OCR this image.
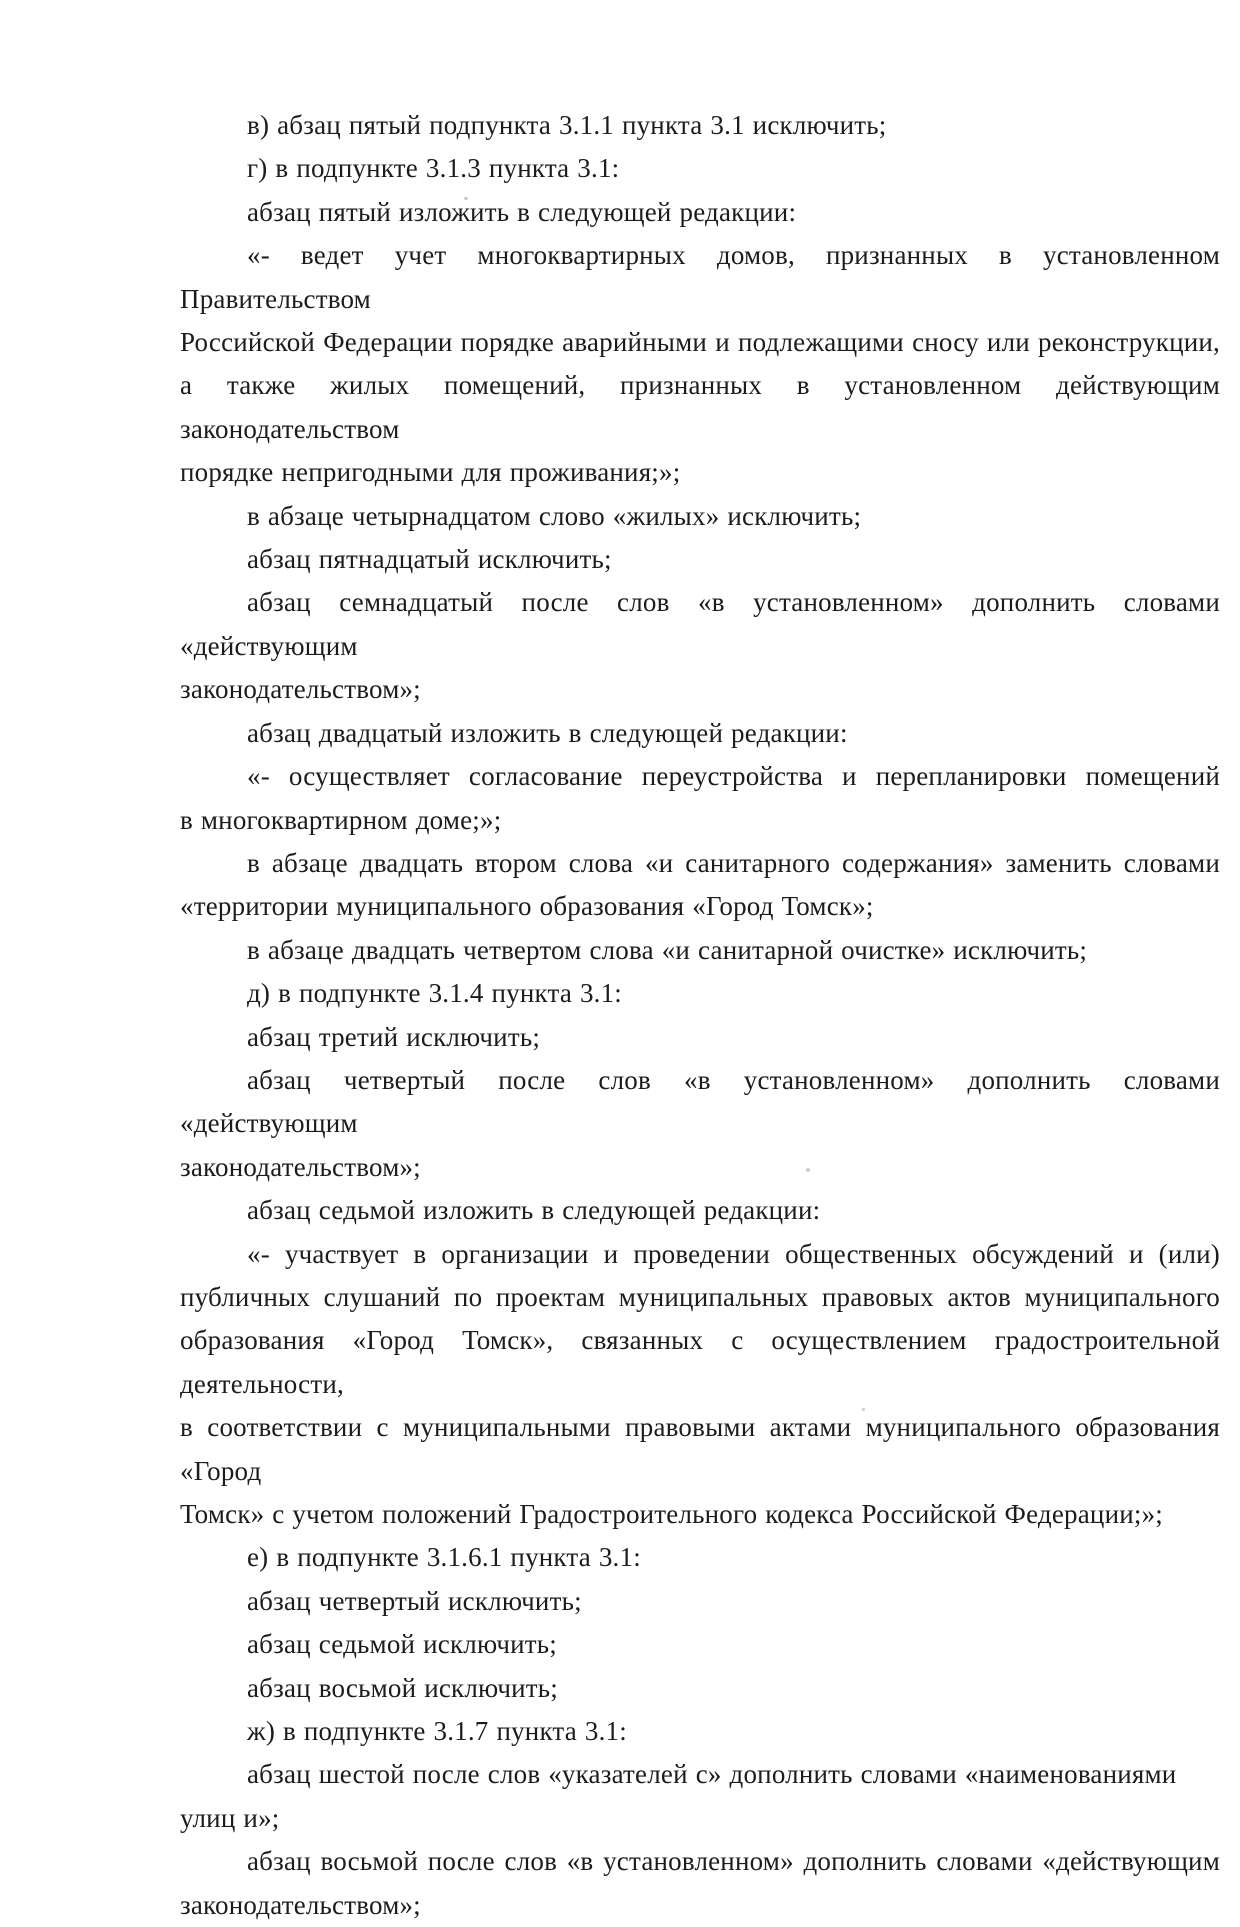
в) абзац пятый подпункта 3.1.1 пункта 3.1 исключить;
г) в подпункте 3.1.3 пункта 3.1:
абзац пятый изложить в следующей редакции:
«- ведет учет многоквартирных домов, признанных в установленном Правительством
Российской Федерации порядке аварийными и подлежащими сносу или реконструкции,
а также жилых помещений, признанных в установленном действующим законодательством
порядке непригодными для проживания;»;
в абзаце четырнадцатом слово «жилых» исключить;
абзац пятнадцатый исключить;
абзац семнадцатый после слов «в установленном» дополнить словами «действующим
законодательством»;
абзац двадцатый изложить в следующей редакции:
«- осуществляет согласование переустройства и перепланировки помещений
в многоквартирном доме;»;
в абзаце двадцать втором слова «и санитарного содержания» заменить словами
«территории муниципального образования «Город Томск»;
в абзаце двадцать четвертом слова «и санитарной очистке» исключить;
д) в подпункте 3.1.4 пункта 3.1:
абзац третий исключить;
абзац четвертый после слов «в установленном» дополнить словами «действующим
законодательством»;
абзац седьмой изложить в следующей редакции:
«- участвует в организации и проведении общественных обсуждений и (или)
публичных слушаний по проектам муниципальных правовых актов муниципального
образования «Город Томск», связанных с осуществлением градостроительной деятельности,
в соответствии с муниципальными правовыми актами муниципального образования «Город
Томск» с учетом положений Градостроительного кодекса Российской Федерации;»;
е) в подпункте 3.1.6.1 пункта 3.1:
абзац четвертый исключить;
абзац седьмой исключить;
абзац восьмой исключить;
ж) в подпункте 3.1.7 пункта 3.1:
абзац шестой после слов «указателей с» дополнить словами «наименованиями улиц и»;
абзац восьмой после слов «в установленном» дополнить словами «действующим
законодательством»;
